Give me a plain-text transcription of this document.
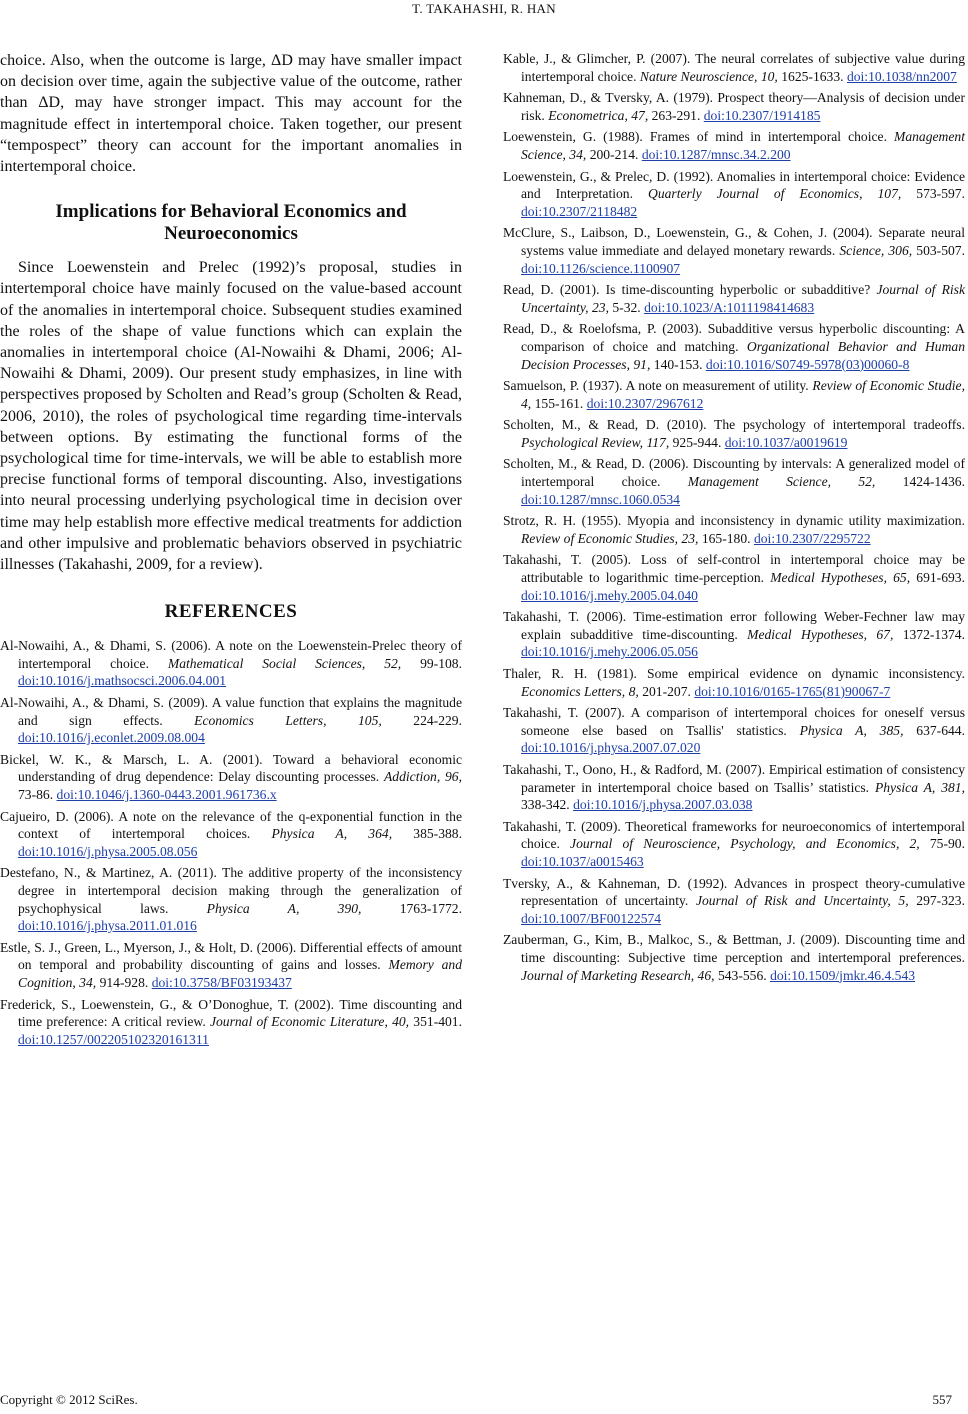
T. TAKAHASHI, R. HAN

choice. Also, when the outcome is large, ΔD may have smaller impact on decision over time, again the subjective value of the outcome, rather than ΔD, may have stronger impact. This may account for the magnitude effect in intertemporal choice. Taken together, our present “tempospect” theory can account for the important anomalies in intertemporal choice.

Implications for Behavioral Economics and Neuroeconomics

Since Loewenstein and Prelec (1992)’s proposal, studies in intertemporal choice have mainly focused on the value-based account of the anomalies in intertemporal choice. Subsequent studies examined the roles of the shape of value functions which can explain the anomalies in intertemporal choice (Al-Nowaihi & Dhami, 2006; Al-Nowaihi & Dhami, 2009). Our present study emphasizes, in line with perspectives proposed by Scholten and Read’s group (Scholten & Read, 2006, 2010), the roles of psychological time regarding time-intervals between options. By estimating the functional forms of the psychological time for time-intervals, we will be able to establish more precise functional forms of temporal discounting. Also, investigations into neural processing underlying psychological time in decision over time may help establish more effective medical treatments for addiction and other impulsive and problematic behaviors observed in psychiatric illnesses (Takahashi, 2009, for a review).

REFERENCES

Al-Nowaihi, A., & Dhami, S. (2006). A note on the Loewenstein-Prelec theory of intertemporal choice. Mathematical Social Sciences, 52, 99-108. doi:10.1016/j.mathsocsci.2006.04.001

Al-Nowaihi, A., & Dhami, S. (2009). A value function that explains the magnitude and sign effects. Economics Letters, 105, 224-229. doi:10.1016/j.econlet.2009.08.004

Bickel, W. K., & Marsch, L. A. (2001). Toward a behavioral economic understanding of drug dependence: Delay discounting processes. Addiction, 96, 73-86. doi:10.1046/j.1360-0443.2001.961736.x

Cajueiro, D. (2006). A note on the relevance of the q-exponential function in the context of intertemporal choices. Physica A, 364, 385-388. doi:10.1016/j.physa.2005.08.056

Destefano, N., & Martinez, A. (2011). The additive property of the inconsistency degree in intertemporal decision making through the generalization of psychophysical laws. Physica A, 390, 1763-1772. doi:10.1016/j.physa.2011.01.016

Estle, S. J., Green, L., Myerson, J., & Holt, D. (2006). Differential effects of amount on temporal and probability discounting of gains and losses. Memory and Cognition, 34, 914-928. doi:10.3758/BF03193437

Frederick, S., Loewenstein, G., & O’Donoghue, T. (2002). Time discounting and time preference: A critical review. Journal of Economic Literature, 40, 351-401. doi:10.1257/002205102320161311

Kable, J., & Glimcher, P. (2007). The neural correlates of subjective value during intertemporal choice. Nature Neuroscience, 10, 1625-1633. doi:10.1038/nn2007

Kahneman, D., & Tversky, A. (1979). Prospect theory—Analysis of decision under risk. Econometrica, 47, 263-291. doi:10.2307/1914185

Loewenstein, G. (1988). Frames of mind in intertemporal choice. Management Science, 34, 200-214. doi:10.1287/mnsc.34.2.200

Loewenstein, G., & Prelec, D. (1992). Anomalies in intertemporal choice: Evidence and Interpretation. Quarterly Journal of Economics, 107, 573-597. doi:10.2307/2118482

McClure, S., Laibson, D., Loewenstein, G., & Cohen, J. (2004). Separate neural systems value immediate and delayed monetary rewards. Science, 306, 503-507. doi:10.1126/science.1100907

Read, D. (2001). Is time-discounting hyperbolic or subadditive? Journal of Risk Uncertainty, 23, 5-32. doi:10.1023/A:1011198414683

Read, D., & Roelofsma, P. (2003). Subadditive versus hyperbolic discounting: A comparison of choice and matching. Organizational Behavior and Human Decision Processes, 91, 140-153. doi:10.1016/S0749-5978(03)00060-8

Samuelson, P. (1937). A note on measurement of utility. Review of Economic Studie, 4, 155-161. doi:10.2307/2967612

Scholten, M., & Read, D. (2010). The psychology of intertemporal tradeoffs. Psychological Review, 117, 925-944. doi:10.1037/a0019619

Scholten, M., & Read, D. (2006). Discounting by intervals: A generalized model of intertemporal choice. Management Science, 52, 1424-1436. doi:10.1287/mnsc.1060.0534

Strotz, R. H. (1955). Myopia and inconsistency in dynamic utility maximization. Review of Economic Studies, 23, 165-180. doi:10.2307/2295722

Takahashi, T. (2005). Loss of self-control in intertemporal choice may be attributable to logarithmic time-perception. Medical Hypotheses, 65, 691-693. doi:10.1016/j.mehy.2005.04.040

Takahashi, T. (2006). Time-estimation error following Weber-Fechner law may explain subadditive time-discounting. Medical Hypotheses, 67, 1372-1374. doi:10.1016/j.mehy.2006.05.056

Thaler, R. H. (1981). Some empirical evidence on dynamic inconsistency. Economics Letters, 8, 201-207. doi:10.1016/0165-1765(81)90067-7

Takahashi, T. (2007). A comparison of intertemporal choices for oneself versus someone else based on Tsallis' statistics. Physica A, 385, 637-644. doi:10.1016/j.physa.2007.07.020

Takahashi, T., Oono, H., & Radford, M. (2007). Empirical estimation of consistency parameter in intertemporal choice based on Tsallis’ statistics. Physica A, 381, 338-342. doi:10.1016/j.physa.2007.03.038

Takahashi, T. (2009). Theoretical frameworks for neuroeconomics of intertemporal choice. Journal of Neuroscience, Psychology, and Economics, 2, 75-90. doi:10.1037/a0015463

Tversky, A., & Kahneman, D. (1992). Advances in prospect theory-cumulative representation of uncertainty. Journal of Risk and Uncertainty, 5, 297-323. doi:10.1007/BF00122574

Zauberman, G., Kim, B., Malkoc, S., & Bettman, J. (2009). Discounting time and time discounting: Subjective time perception and intertemporal preferences. Journal of Marketing Research, 46, 543-556. doi:10.1509/jmkr.46.4.543

Copyright © 2012 SciRes.	557
